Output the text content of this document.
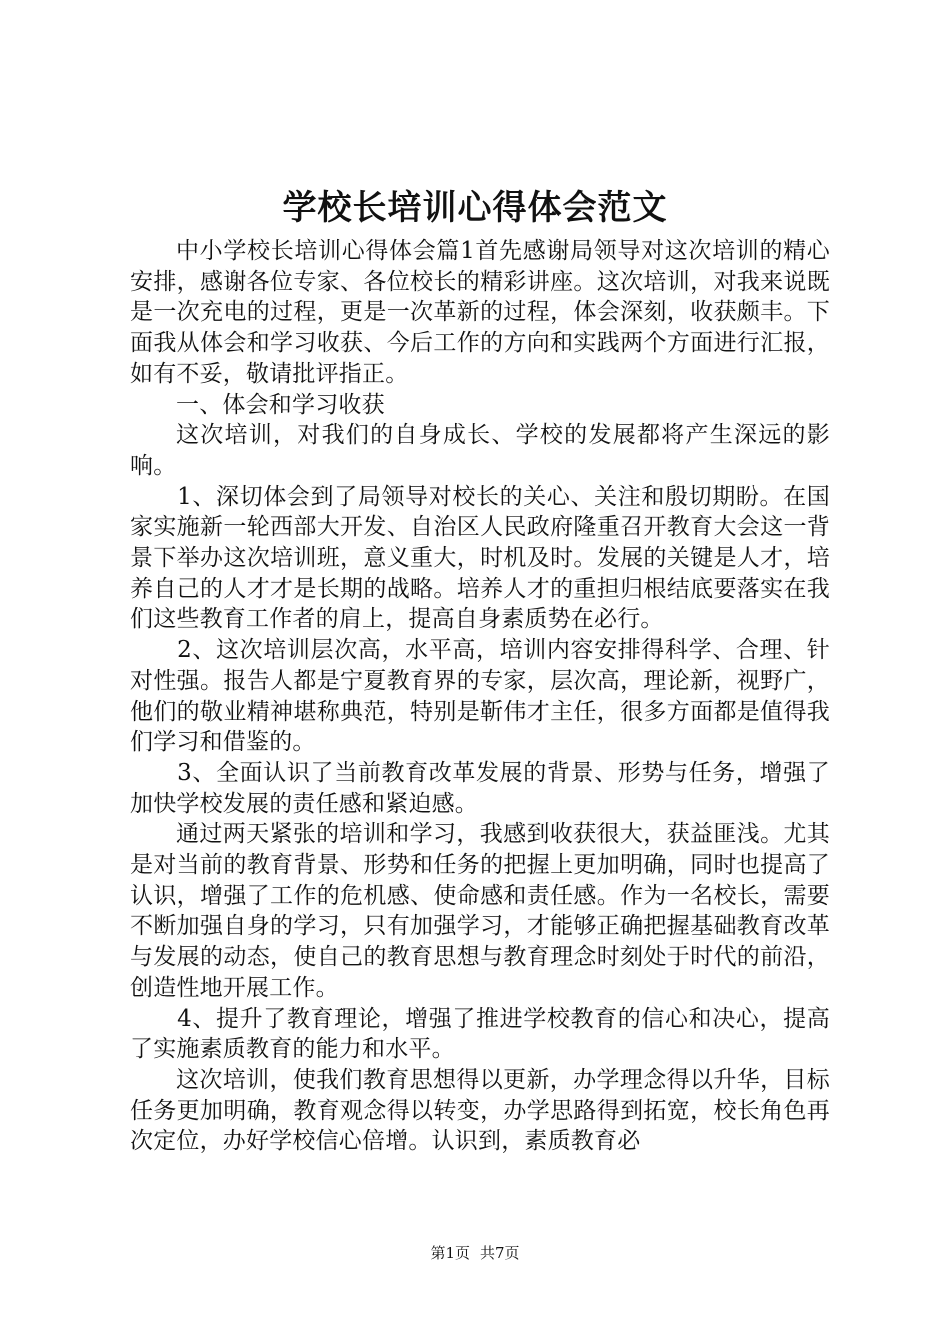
学校长培训心得体会范文

中小学校长培训心得体会篇1首先感谢局领导对这次培训的精心安排，感谢各位专家、各位校长的精彩讲座。这次培训，对我来说既是一次充电的过程，更是一次革新的过程，体会深刻，收获颇丰。下面我从体会和学习收获、今后工作的方向和实践两个方面进行汇报，如有不妥，敬请批评指正。

一、体会和学习收获

这次培训，对我们的自身成长、学校的发展都将产生深远的影响。

1、深切体会到了局领导对校长的关心、关注和殷切期盼。在国家实施新一轮西部大开发、自治区人民政府隆重召开教育大会这一背景下举办这次培训班，意义重大，时机及时。发展的关键是人才，培养自己的人才才是长期的战略。培养人才的重担归根结底要落实在我们这些教育工作者的肩上，提高自身素质势在必行。

2、这次培训层次高，水平高，培训内容安排得科学、合理、针对性强。报告人都是宁夏教育界的专家，层次高，理论新，视野广，他们的敬业精神堪称典范，特别是靳伟才主任，很多方面都是值得我们学习和借鉴的。

3、全面认识了当前教育改革发展的背景、形势与任务，增强了加快学校发展的责任感和紧迫感。

通过两天紧张的培训和学习，我感到收获很大，获益匪浅。尤其是对当前的教育背景、形势和任务的把握上更加明确，同时也提高了认识，增强了工作的危机感、使命感和责任感。作为一名校长，需要不断加强自身的学习，只有加强学习，才能够正确把握基础教育改革与发展的动态，使自己的教育思想与教育理念时刻处于时代的前沿，创造性地开展工作。

4、提升了教育理论，增强了推进学校教育的信心和决心，提高了实施素质教育的能力和水平。

这次培训，使我们教育思想得以更新，办学理念得以升华，目标任务更加明确，教育观念得以转变，办学思路得到拓宽，校长角色再次定位，办好学校信心倍增。认识到，素质教育必

第1页 共7页
